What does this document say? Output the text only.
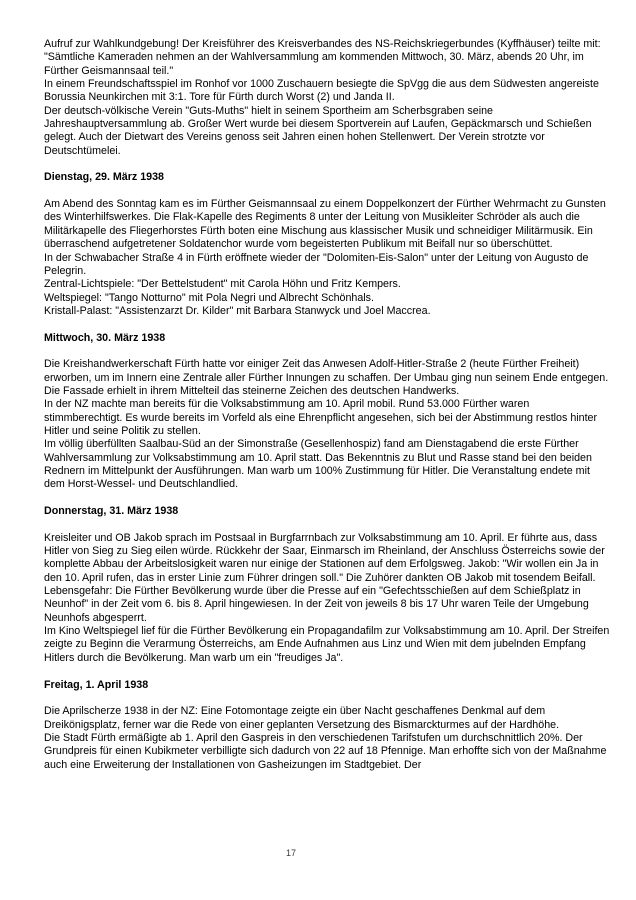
Aufruf zur Wahlkundgebung! Der Kreisführer des Kreisverbandes des NS-Reichskriegerbundes (Kyffhäuser) teilte mit: "Sämtliche Kameraden nehmen an der Wahlversammlung am kommenden Mittwoch, 30. März, abends 20 Uhr, im Fürther Geismannsaal teil."

In einem Freundschaftsspiel im Ronhof vor 1000 Zuschauern besiegte die SpVgg die aus dem Südwesten angereiste Borussia Neunkirchen mit 3:1. Tore für Fürth durch Worst (2) und Janda II.

Der deutsch-völkische Verein "Guts-Muths" hielt in seinem Sportheim am Scherbsgraben seine Jahreshauptversammlung ab. Großer Wert wurde bei diesem Sportverein auf Laufen, Gepäckmarsch und Schießen gelegt. Auch der Dietwart des Vereins genoss seit Jahren einen hohen Stellenwert. Der Verein strotzte vor Deutschtümelei.

Dienstag, 29. März 1938

Am Abend des Sonntag kam es im Fürther Geismannsaal zu einem Doppelkonzert der Fürther Wehrmacht zu Gunsten des Winterhilfswerkes. Die Flak-Kapelle des Regiments 8 unter der Leitung von Musikleiter Schröder als auch die Militärkapelle des Fliegerhorstes Fürth boten eine Mischung aus klassischer Musik und schneidiger Militärmusik. Ein überraschend aufgetretener Soldatenchor wurde vom begeisterten Publikum mit Beifall nur so überschüttet.

In der Schwabacher Straße 4 in Fürth eröffnete wieder der "Dolomiten-Eis-Salon" unter der Leitung von Augusto de Pelegrin.

Zentral-Lichtspiele: "Der Bettelstudent" mit Carola Höhn und Fritz Kempers.

Weltspiegel: "Tango Notturno" mit Pola Negri und Albrecht Schönhals.

Kristall-Palast: "Assistenzarzt Dr. Kilder" mit Barbara Stanwyck und Joel Maccrea.

Mittwoch, 30. März 1938

Die Kreishandwerkerschaft Fürth hatte vor einiger Zeit das Anwesen Adolf-Hitler-Straße 2 (heute Fürther Freiheit) erworben, um im Innern eine Zentrale aller Fürther Innungen zu schaffen. Der Umbau ging nun seinem Ende entgegen. Die Fassade erhielt in ihrem Mittelteil das steinerne Zeichen des deutschen Handwerks.

In der NZ machte man bereits für die Volksabstimmung am 10. April mobil. Rund 53.000 Fürther waren stimmberechtigt. Es wurde bereits im Vorfeld als eine Ehrenpflicht angesehen, sich bei der Abstimmung restlos hinter Hitler und seine Politik zu stellen.

Im völlig überfüllten Saalbau-Süd an der Simonstraße (Gesellenhospiz) fand am Dienstagabend die erste Fürther Wahlversammlung zur Volksabstimmung am 10. April statt. Das Bekenntnis zu Blut und Rasse stand bei den beiden Rednern im Mittelpunkt der Ausführungen. Man warb um 100% Zustimmung für Hitler. Die Veranstaltung endete mit dem Horst-Wessel- und Deutschlandlied.

Donnerstag, 31. März 1938

Kreisleiter und OB Jakob sprach im Postsaal in Burgfarrnbach zur Volksabstimmung am 10. April. Er führte aus, dass Hitler von Sieg zu Sieg eilen würde. Rückkehr der Saar, Einmarsch im Rheinland, der Anschluss Österreichs sowie der komplette Abbau der Arbeitslosigkeit waren nur einige der Stationen auf dem Erfolgsweg. Jakob: "Wir wollen ein Ja in den 10. April rufen, das in erster Linie zum Führer dringen soll." Die Zuhörer dankten OB Jakob mit tosendem Beifall.

Lebensgefahr: Die Fürther Bevölkerung wurde über die Presse auf ein "Gefechtsschießen auf dem Schießplatz in Neunhof" in der Zeit vom 6. bis 8. April hingewiesen. In der Zeit von jeweils 8 bis 17 Uhr waren Teile der Umgebung Neunhofs abgesperrt.

Im Kino Weltspiegel lief für die Fürther Bevölkerung ein Propagandafilm zur Volksabstimmung am 10. April. Der Streifen zeigte zu Beginn die Verarmung Österreichs, am Ende Aufnahmen aus Linz und Wien mit dem jubelnden Empfang Hitlers durch die Bevölkerung. Man warb um ein "freudiges Ja".

Freitag, 1. April 1938

Die Aprilscherze 1938 in der NZ: Eine Fotomontage zeigte ein über Nacht geschaffenes Denkmal auf dem Dreikönigsplatz, ferner war die Rede von einer geplanten Versetzung des Bismarckturmes auf der Hardhöhe.

Die Stadt Fürth ermäßigte ab 1. April den Gaspreis in den verschiedenen Tarifstufen um durchschnittlich 20%. Der Grundpreis für einen Kubikmeter verbilligte sich dadurch von 22 auf 18 Pfennige. Man erhoffte sich von der Maßnahme auch eine Erweiterung der Installationen von Gasheizungen im Stadtgebiet. Der

17
